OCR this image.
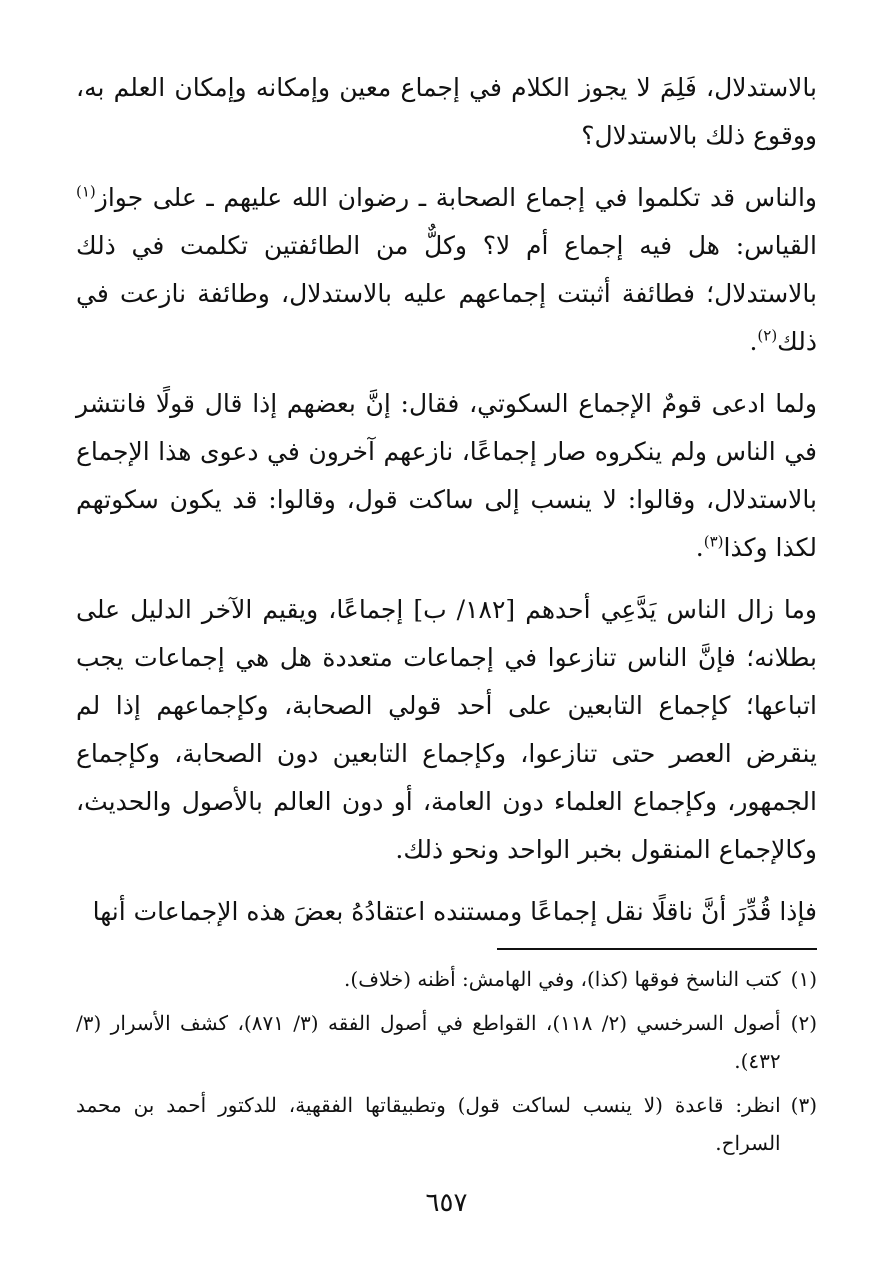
بالاستدلال، فَلِمَ لا يجوز الكلام في إجماع معين وإمكانه وإمكان العلم به، ووقوع ذلك بالاستدلال؟

والناس قد تكلموا في إجماع الصحابة ـ رضوان الله عليهم ـ على جواز$^{(١)}$ القياس: هل فيه إجماع أم لا؟ وكلٌّ من الطائفتين تكلمت في ذلك بالاستدلال؛ فطائفة أثبتت إجماعهم عليه بالاستدلال، وطائفة نازعت في ذلك$^{(٢)}$.

ولما ادعى قومٌ الإجماع السكوتي، فقال: إنَّ بعضهم إذا قال قولًا فانتشر في الناس ولم ينكروه صار إجماعًا، نازعهم آخرون في دعوى هذا الإجماع بالاستدلال، وقالوا: لا ينسب إلى ساكت قول، وقالوا: قد يكون سكوتهم لكذا وكذا$^{(٣)}$.

وما زال الناس يَدَّعِي أحدهم [١٨٢/ ب] إجماعًا، ويقيم الآخر الدليل على بطلانه؛ فإنَّ الناس تنازعوا في إجماعات متعددة هل هي إجماعات يجب اتباعها؛ كإجماع التابعين على أحد قولي الصحابة، وكإجماعهم إذا لم ينقرض العصر حتى تنازعوا، وكإجماع التابعين دون الصحابة، وكإجماع الجمهور، وكإجماع العلماء دون العامة، أو دون العالم بالأصول والحديث، وكالإجماع المنقول بخبر الواحد ونحو ذلك.

فإذا قُدِّرَ أنَّ ناقلًا نقل إجماعًا ومستنده اعتقادُهُ بعضَ هذه الإجماعات أنها

(١)
كتب الناسخ فوقها (كذا)، وفي الهامش: أظنه (خلاف).
(٢)
أصول السرخسي (٢/ ١١٨)، القواطع في أصول الفقه (٣/ ٨٧١)، كشف الأسرار (٣/ ٤٣٢).
(٣)
انظر: قاعدة (لا ينسب لساكت قول) وتطبيقاتها الفقهية، للدكتور أحمد بن محمد السراح.
٦٥٧
